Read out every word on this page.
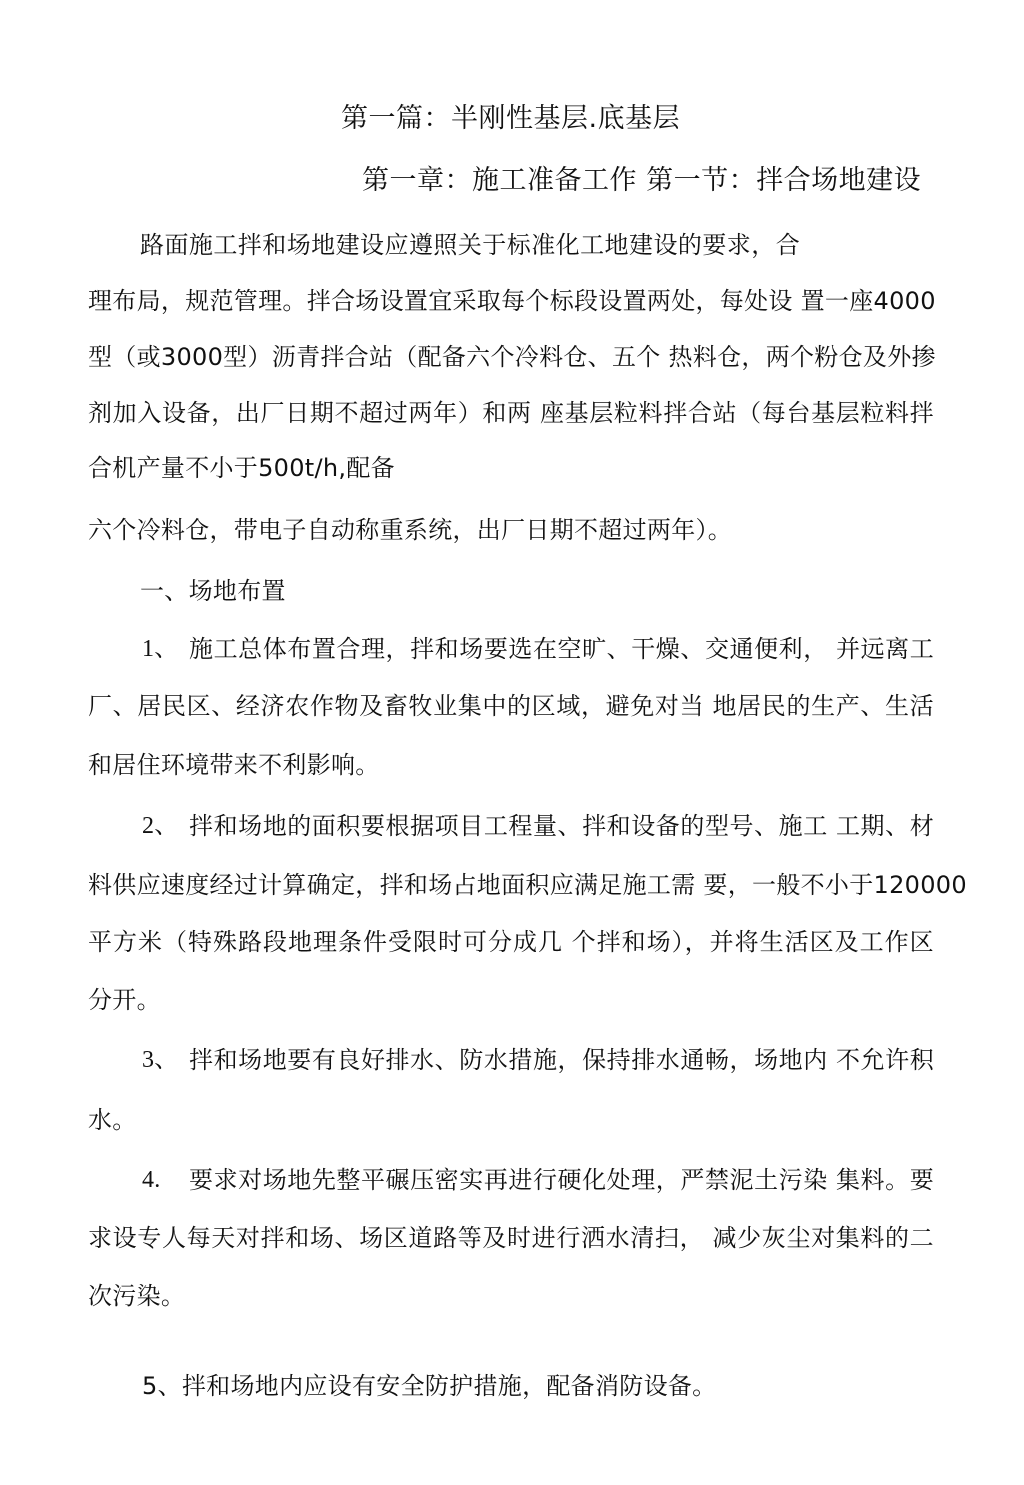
第一篇：半刚性基层.底基层
第一章：施工准备工作 第一节：拌合场地建设
路面施工拌和场地建设应遵照关于标准化工地建设的要求，合
理布局，规范管理。拌合场设置宜采取每个标段设置两处，每处设 置一座4000
型（或3000型）沥青拌合站（配备六个冷料仓、五个 热料仓，两个粉仓及外掺
剂加入设备，出厂日期不超过两年）和两 座基层粒料拌合站（每台基层粒料拌
合机产量不小于500t/h,配备
六个冷料仓，带电子自动称重系统，出厂日期不超过两年）。
一、场地布置
1、 施工总体布置合理，拌和场要选在空旷、干燥、交通便利， 并远离工
厂、居民区、经济农作物及畜牧业集中的区域，避免对当 地居民的生产、生活
和居住环境带来不利影响。
2、 拌和场地的面积要根据项目工程量、拌和设备的型号、施工 工期、材
料供应速度经过计算确定，拌和场占地面积应满足施工需 要，一般不小于120000
平方米（特殊路段地理条件受限时可分成几 个拌和场），并将生活区及工作区
分开。
3、 拌和场地要有良好排水、防水措施，保持排水通畅，场地内 不允许积
水。
4. 要求对场地先整平碾压密实再进行硬化处理，严禁泥土污染 集料。要
求设专人每天对拌和场、场区道路等及时进行洒水清扫， 减少灰尘对集料的二
次污染。
5、拌和场地内应设有安全防护措施，配备消防设备。
